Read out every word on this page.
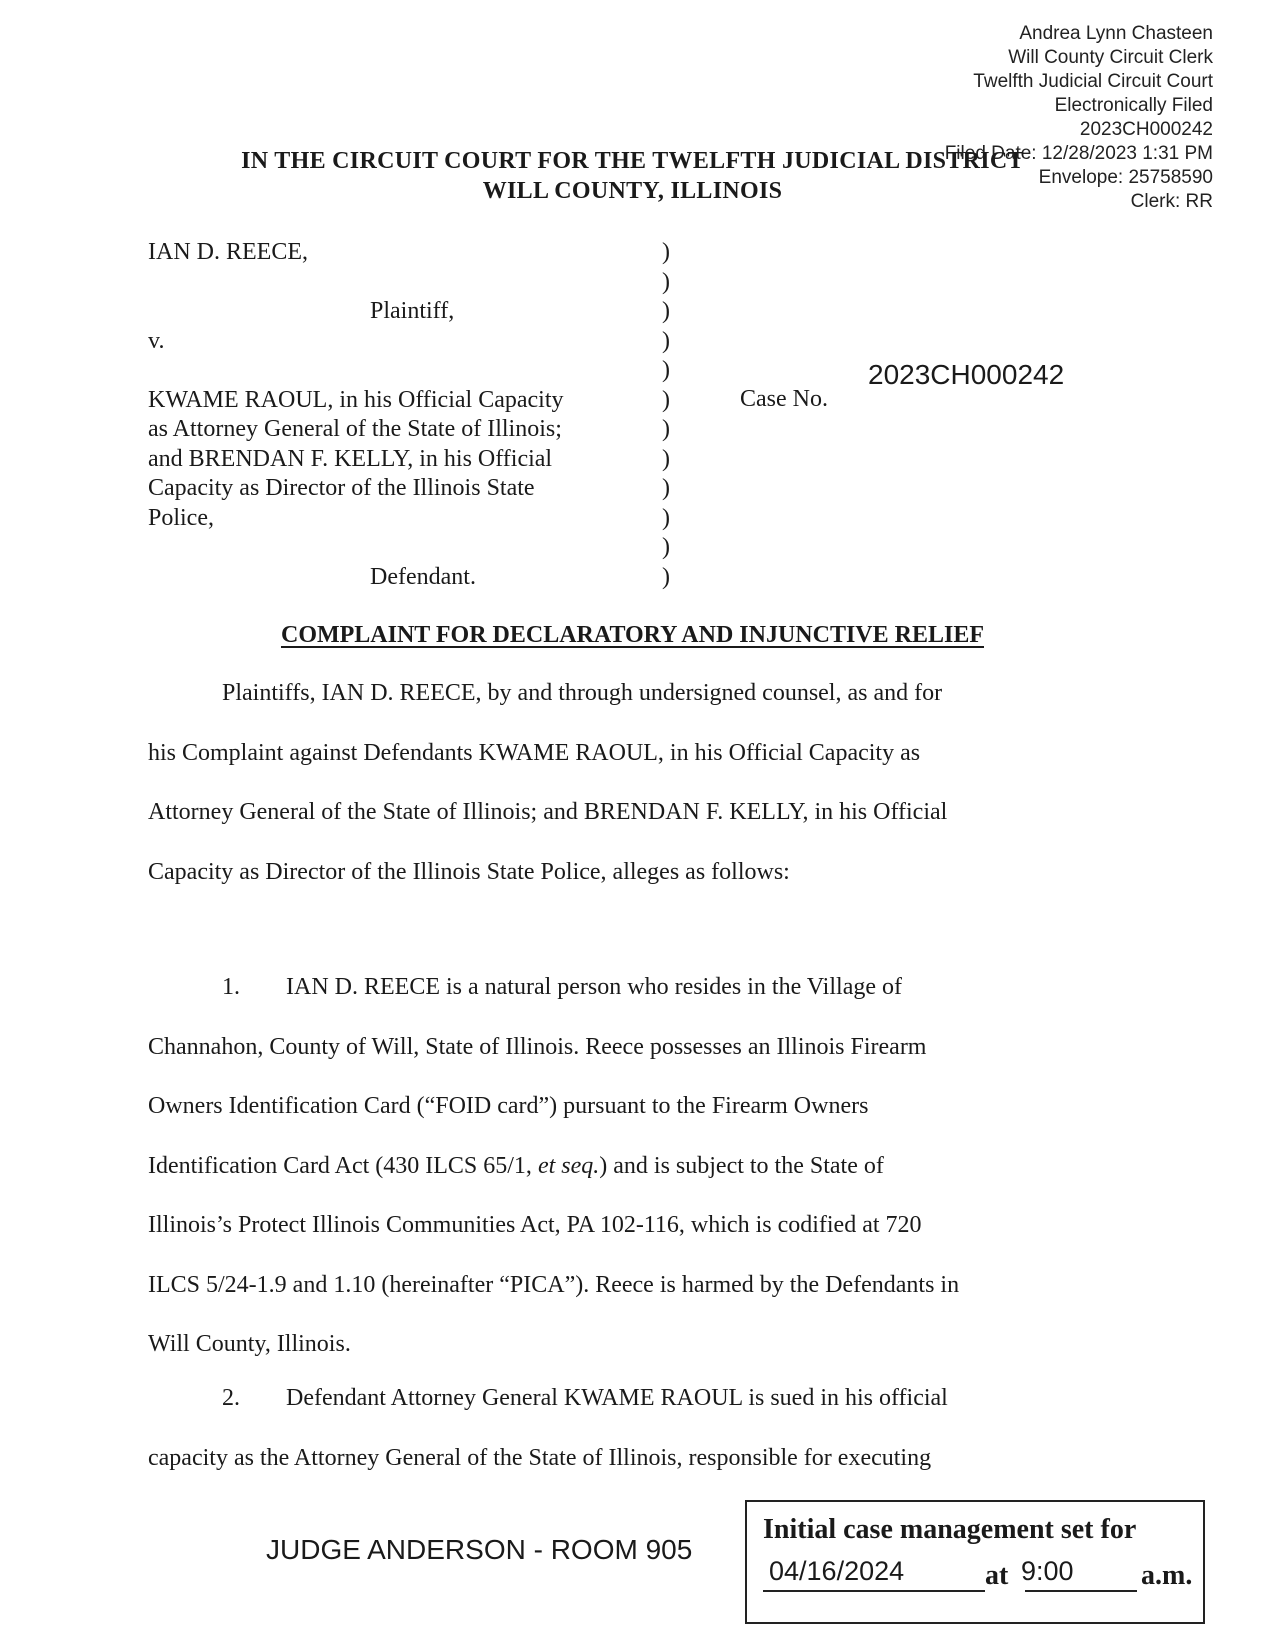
Andrea Lynn Chasteen
Will County Circuit Clerk
Twelfth Judicial Circuit Court
Electronically Filed
2023CH000242
Filed Date: 12/28/2023 1:31 PM
Envelope: 25758590
Clerk: RR
IN THE CIRCUIT COURT FOR THE TWELFTH JUDICIAL DISTRICT
WILL COUNTY, ILLINOIS
IAN D. REECE,
Plaintiff,
v.
KWAME RAOUL, in his Official Capacity
as Attorney General of the State of Illinois;
and BRENDAN F. KELLY, in his Official
Capacity as Director of the Illinois State
Police,
Defendant.
)
)
)
)
)
)
)
)
)
)
)
)
Case No.
2023CH000242
COMPLAINT FOR DECLARATORY AND INJUNCTIVE RELIEF
Plaintiffs, IAN D. REECE, by and through undersigned counsel, as and for
his Complaint against Defendants KWAME RAOUL, in his Official Capacity as
Attorney General of the State of Illinois; and BRENDAN F. KELLY, in his Official
Capacity as Director of the Illinois State Police, alleges as follows:
1. IAN D. REECE is a natural person who resides in the Village of
Channahon, County of Will, State of Illinois. Reece possesses an Illinois Firearm
Owners Identification Card (“FOID card”) pursuant to the Firearm Owners
Identification Card Act (430 ILCS 65/1, et seq.) and is subject to the State of
Illinois’s Protect Illinois Communities Act, PA 102-116, which is codified at 720
ILCS 5/24-1.9 and 1.10 (hereinafter “PICA”). Reece is harmed by the Defendants in
Will County, Illinois.
2. Defendant Attorney General KWAME RAOUL is sued in his official
capacity as the Attorney General of the State of Illinois, responsible for executing
JUDGE ANDERSON - ROOM 905
Initial case management set for
04/16/2024	at 9:00 a.m.
